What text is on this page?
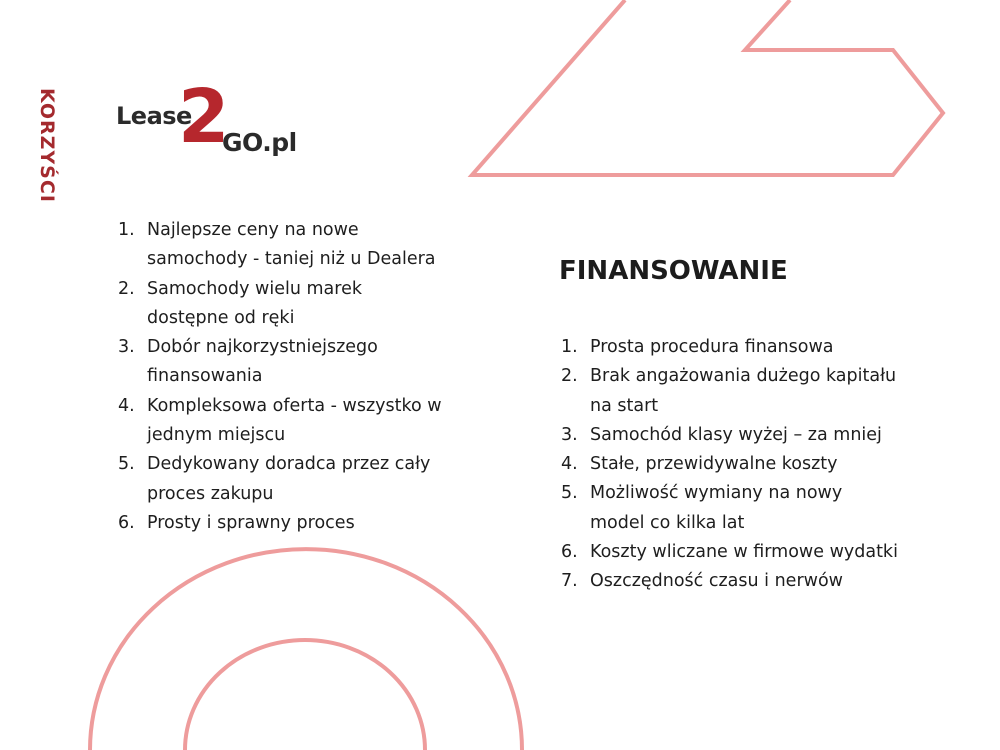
KORZYŚCI 2
Lease
GO.pl
1. Najlepsze ceny na nowe samochody - taniej niż u Dealera
2. Samochody wielu marek dostępne od ręki
3. Dobór najkorzystniejszego finansowania
4. Kompleksowa oferta - wszystko w jednym miejscu
5. Dedykowany doradca przez cały proces zakupu
6. Prosty i sprawny proces
FINANSOWANIE
1. Prosta procedura finansowa
2. Brak angażowania dużego kapitału na start
3. Samochód klasy wyżej – za mniej
4. Stałe, przewidywalne koszty
5. Możliwość wymiany na nowy model co kilka lat
6. Koszty wliczane w firmowe wydatki
7. Oszczędność czasu i nerwów
